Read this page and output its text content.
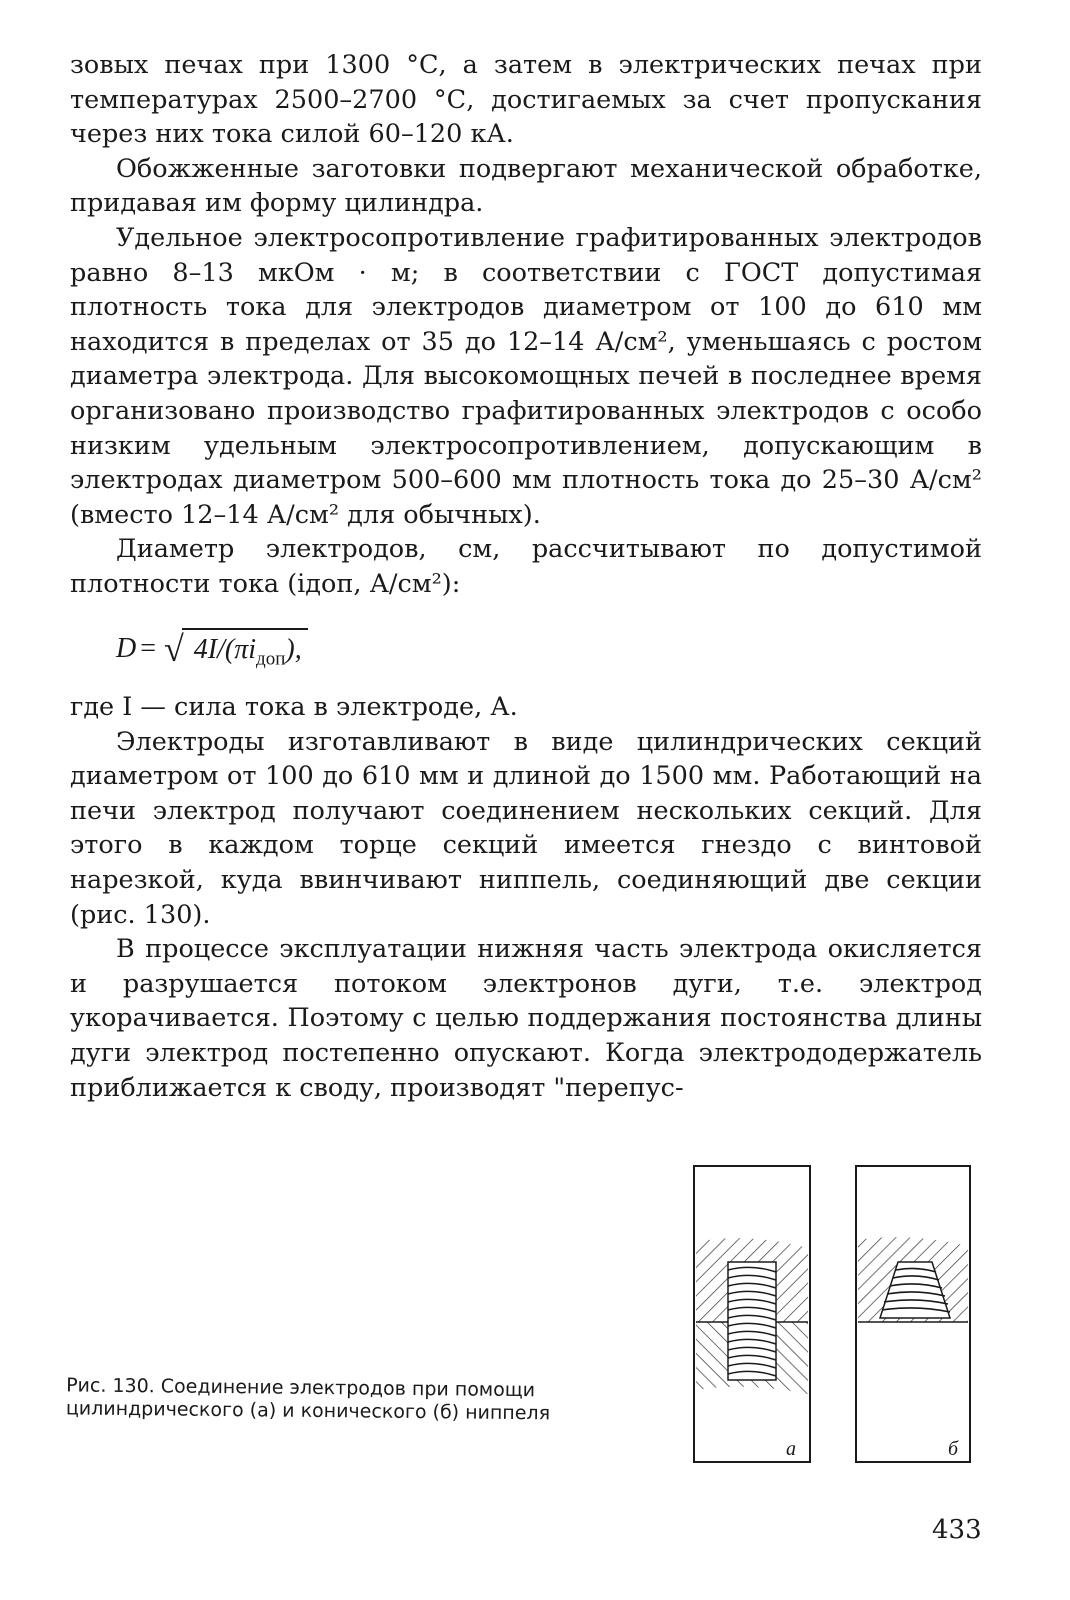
зовых печах при 1300 °С, а затем в электрических печах при температурах 2500–2700 °С, достигаемых за счет пропускания через них тока силой 60–120 кА.

Обожженные заготовки подвергают механической обработке, придавая им форму цилиндра.

Удельное электросопротивление графитированных электродов равно 8–13 мкОм · м; в соответствии с ГОСТ допустимая плотность тока для электродов диаметром от 100 до 610 мм находится в пределах от 35 до 12–14 А/см², уменьшаясь с ростом диаметра электрода. Для высокомощных печей в последнее время организовано производство графитированных электродов с особо низким удельным электросопротивлением, допускающим в электродах диаметром 500–600 мм плотность тока до 25–30 А/см² (вместо 12–14 А/см² для обычных).

Диаметр электродов, см, рассчитывают по допустимой плотности тока (iдоп, А/см²):

D = √ $4I/(\pi i_{доп})$,

где I — сила тока в электроде, А.

Электроды изготавливают в виде цилиндрических секций диаметром от 100 до 610 мм и длиной до 1500 мм. Работающий на печи электрод получают соединением нескольких секций. Для этого в каждом торце секций имеется гнездо с винтовой нарезкой, куда ввинчивают ниппель, соединяющий две секции (рис. 130).

В процессе эксплуатации нижняя часть электрода окисляется и разрушается потоком электронов дуги, т.е. электрод укорачивается. Поэтому с целью поддержания постоянства длины дуги электрод постепенно опускают. Когда электрододержатель приближается к своду, производят "перепус-

Рис. 130. Соединение электродов при помощи цилиндрического (а) и конического (б) ниппеля
а	б
433
